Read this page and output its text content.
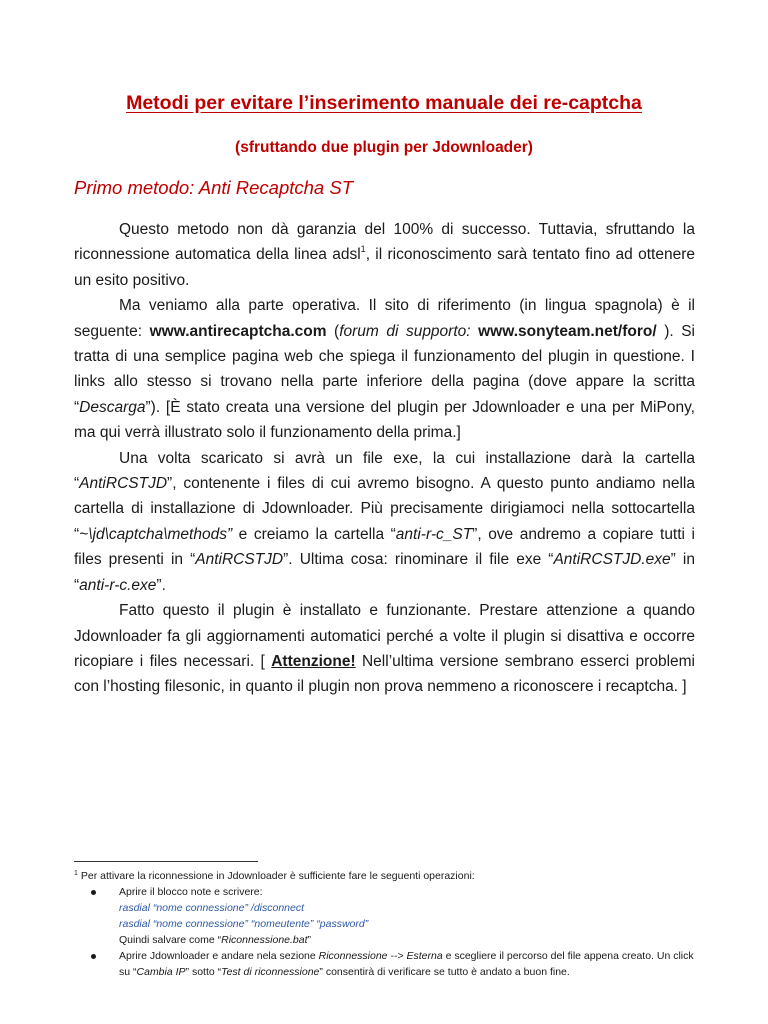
Metodi per evitare l’inserimento manuale dei re-captcha
(sfruttando due plugin per Jdownloader)
Primo metodo: Anti Recaptcha ST

Questo metodo non dà garanzia del 100% di successo. Tuttavia, sfruttando la riconnessione automatica della linea adsl$^1$, il riconoscimento sarà tentato fino ad ottenere un esito positivo.

Ma veniamo alla parte operativa. Il sito di riferimento (in lingua spagnola) è il seguente: www.antirecaptcha.com (forum di supporto: www.sonyteam.net/foro/ ). Si tratta di una semplice pagina web che spiega il funzionamento del plugin in questione. I links allo stesso si trovano nella parte inferiore della pagina (dove appare la scritta “Descarga”). [È stato creata una versione del plugin per Jdownloader e una per MiPony, ma qui verrà illustrato solo il funzionamento della prima.]

Una volta scaricato si avrà un file exe, la cui installazione darà la cartella “AntiRCSTJD”, contenente i files di cui avremo bisogno. A questo punto andiamo nella cartella di installazione di Jdownloader. Più precisamente dirigiamoci nella sottocartella “~\jd\captcha\methods” e creiamo la cartella “anti-r-c_ST”, ove andremo a copiare tutti i files presenti in “AntiRCSTJD”. Ultima cosa: rinominare il file exe “AntiRCSTJD.exe” in “anti-r-c.exe”.

Fatto questo il plugin è installato e funzionante. Prestare attenzione a quando Jdownloader fa gli aggiornamenti automatici perché a volte il plugin si disattiva e occorre ricopiare i files necessari. [ Attenzione! Nell’ultima versione sembrano esserci problemi con l’hosting filesonic, in quanto il plugin non prova nemmeno a riconoscere i recaptcha. ]

$^1$ Per attivare la riconnessione in Jdownloader è sufficiente fare le seguenti operazioni:

Aprire il blocco note e scrivere:
rasdial “nome connessione” /disconnect
rasdial “nome connessione” “nomeutente” “password”
Quindi salvare come “Riconnessione.bat”
Aprire Jdownloader e andare nela sezione Riconnessione --> Esterna e scegliere il percorso del file appena creato. Un click su “Cambia IP” sotto “Test di riconnessione” consentirà di verificare se tutto è andato a buon fine.
